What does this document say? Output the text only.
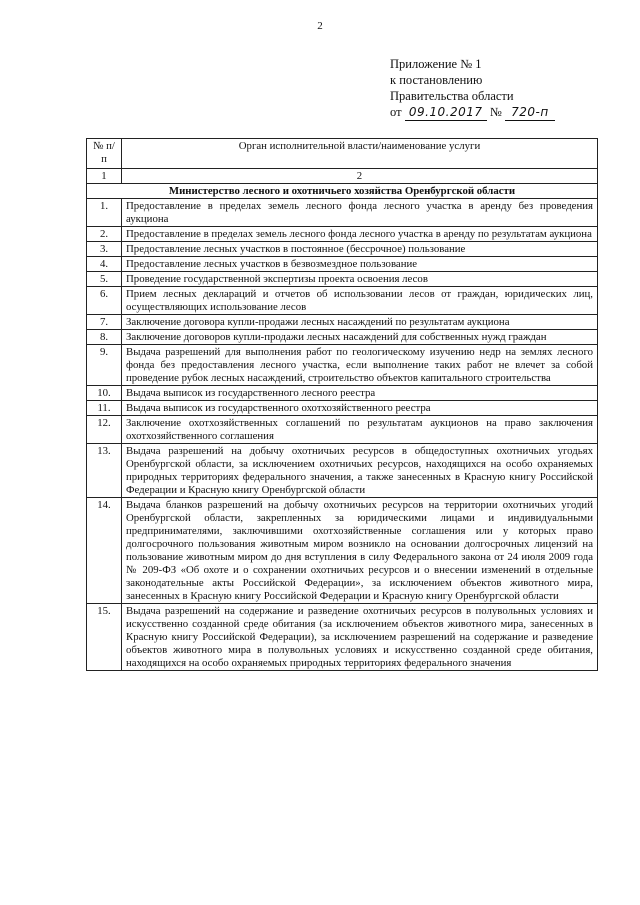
2
Приложение № 1
к постановлению
Правительства области
от 09.10.2017 № 720-п
№ п/п	Орган исполнительной власти/наименование услуги
1	2
Министерство лесного и охотничьего хозяйства Оренбургской области	
1.	Предоставление в пределах земель лесного фонда лесного участка в аренду без проведения аукциона
2.	Предоставление в пределах земель лесного фонда лесного участка в аренду по результатам аукциона
3.	Предоставление лесных участков в постоянное (бессрочное) пользование
4.	Предоставление лесных участков в безвозмездное пользование
5.	Проведение государственной экспертизы проекта освоения лесов
6.	Прием лесных деклараций и отчетов об использовании лесов от граждан, юридических лиц, осуществляющих использование лесов
7.	Заключение договора купли-продажи лесных насаждений по результатам аукциона
8.	Заключение договоров купли-продажи лесных насаждений для собственных нужд граждан
9.	Выдача разрешений для выполнения работ по геологическому изучению недр на землях лесного фонда без предоставления лесного участка, если выполнение таких работ не влечет за собой проведение рубок лесных насаждений, строительство объектов капитального строительства
10.	Выдача выписок из государственного лесного реестра
11.	Выдача выписок из государственного охотхозяйственного реестра
12.	Заключение охотхозяйственных соглашений по результатам аукционов на право заключения охотхозяйственного соглашения
13.	Выдача разрешений на добычу охотничьих ресурсов в общедоступных охотничьих угодьях Оренбургской области, за исключением охотничьих ресурсов, находящихся на особо охраняемых природных территориях федерального значения, а также занесенных в Красную книгу Российской Федерации и Красную книгу Оренбургской области
14.	Выдача бланков разрешений на добычу охотничьих ресурсов на территории охотничьих угодий Оренбургской области, закрепленных за юридическими лицами и индивидуальными предпринимателями, заключившими охотхозяйственные соглашения или у которых право долгосрочного пользования животным миром возникло на основании долгосрочных лицензий на пользование животным миром до дня вступления в силу Федерального закона от 24 июля 2009 года № 209-ФЗ «Об охоте и о сохранении охотничьих ресурсов и о внесении изменений в отдельные законодательные акты Российской Федерации», за исключением объектов животного мира, занесенных в Красную книгу Российской Федерации и Красную книгу Оренбургской области
15.	Выдача разрешений на содержание и разведение охотничьих ресурсов в полувольных условиях и искусственно созданной среде обитания (за исключением объектов животного мира, занесенных в Красную книгу Российской Федерации), за исключением разрешений на содержание и разведение объектов животного мира в полувольных условиях и искусственно созданной среде обитания, находящихся на особо охраняемых природных территориях федерального значения
